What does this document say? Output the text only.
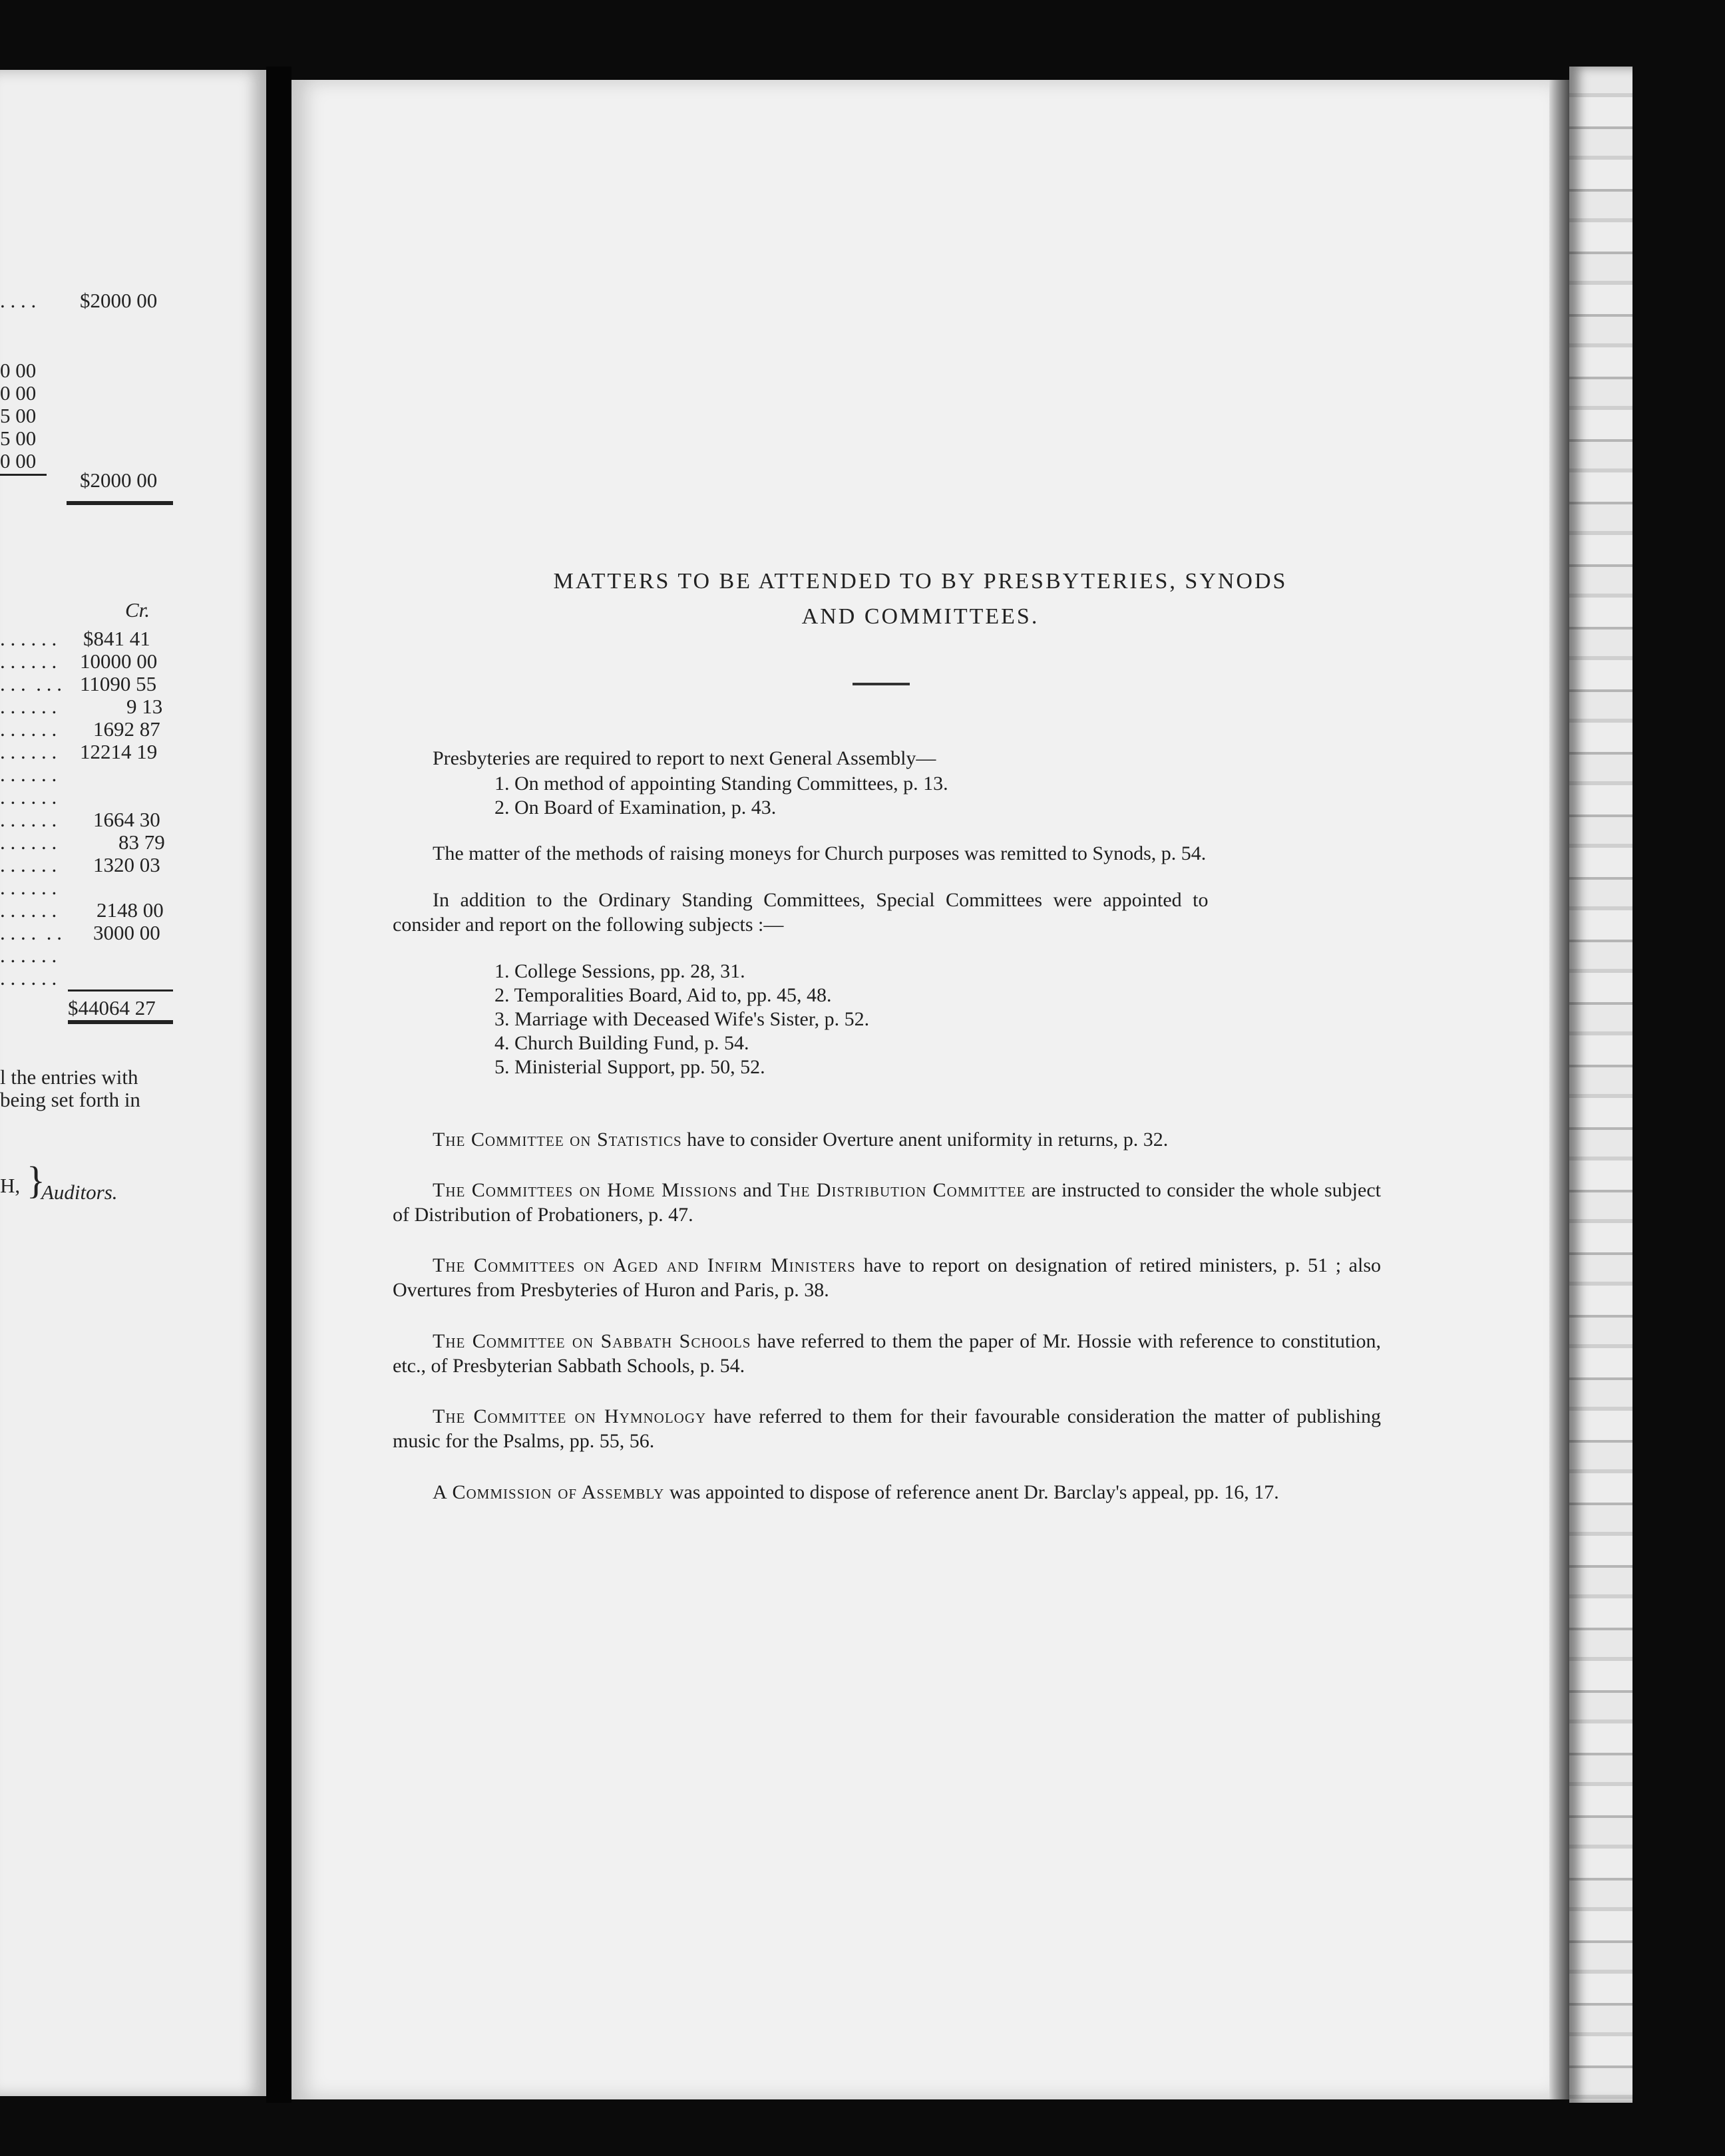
. . . . $2000 00
0 00
0 00
5 00
5 00
0 00
$2000 00
Cr.
. . . . . . $841 41
. . . . . . 10000 00
. . .  . . . 11090 55
. . . . . .	9 13
. . . . . . 1692 87
. . . . . . 12214 19
. . . . . .
. . . . . .
. . . . . . 1664 30
. . . . . .	83 79
. . . . . . 1320 03
. . . . . .
. . . . . . 2148 00
. . . .  . . 3000 00
. . . . . .
. . . . . .
$44064 27
l the entries with
being set forth in
H, }
Auditors.
MATTERS TO BE ATTENDED TO BY PRESBYTERIES, SYNODS
AND COMMITTEES.
Presbyteries are required to report to next General Assembly—
1. On method of appointing Standing Committees, p. 13.
2. On Board of Examination, p. 43.
The matter of the methods of raising moneys for Church purposes was remitted to Synods, p. 54.
In addition to the Ordinary Standing Committees, Special Committees were appointed to
consider and report on the following subjects :—
1. College Sessions, pp. 28, 31.
2. Temporalities Board, Aid to, pp. 45, 48.
3. Marriage with Deceased Wife's Sister, p. 52.
4. Church Building Fund, p. 54.
5. Ministerial Support, pp. 50, 52.
The Committee on Statistics have to consider Overture anent uniformity in returns, p. 32.
The Committees on Home Missions and The Distribution Committee are instructed to consider the whole subject of Distribution of Probationers, p. 47.
The Committees on Aged and Infirm Ministers have to report on designation of retired ministers, p. 51 ; also Overtures from Presbyteries of Huron and Paris, p. 38.
The Committee on Sabbath Schools have referred to them the paper of Mr. Hossie with reference to constitution, etc., of Presbyterian Sabbath Schools, p. 54.
The Committee on Hymnology have referred to them for their favourable consideration the matter of publishing music for the Psalms, pp. 55, 56.
A Commission of Assembly was appointed to dispose of reference anent Dr. Barclay's appeal, pp. 16, 17.
